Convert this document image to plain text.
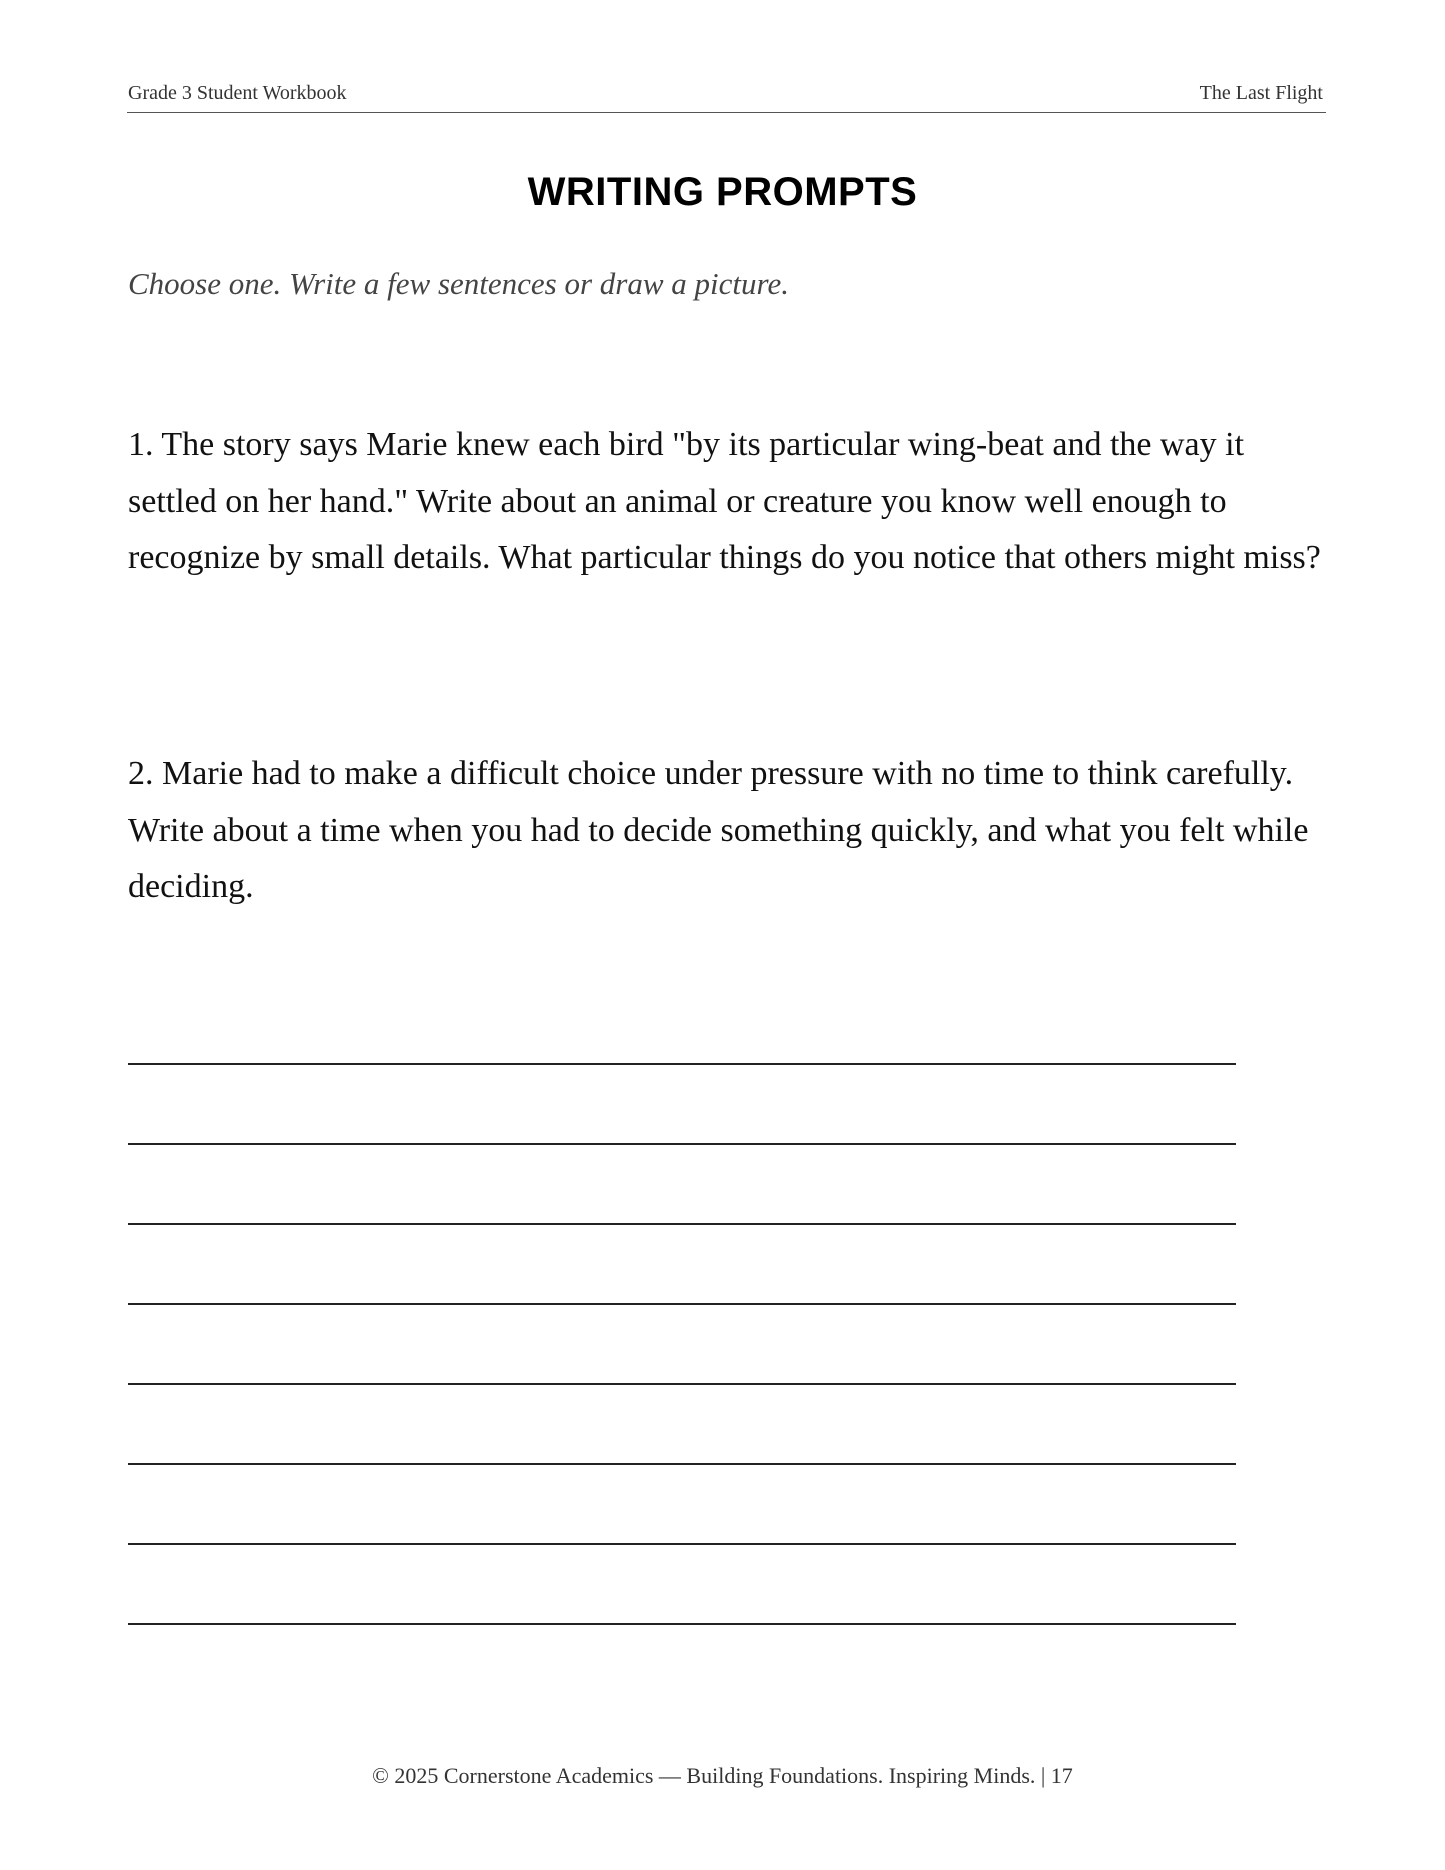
Grade 3 Student Workbook	The Last Flight
WRITING PROMPTS
Choose one. Write a few sentences or draw a picture.
1. The story says Marie knew each bird "by its particular wing-beat and the way it settled on her hand." Write about an animal or creature you know well enough to recognize by small details. What particular things do you notice that others might miss?
2. Marie had to make a difficult choice under pressure with no time to think carefully. Write about a time when you had to decide something quickly, and what you felt while deciding.
© 2025 Cornerstone Academics — Building Foundations. Inspiring Minds. | 17
